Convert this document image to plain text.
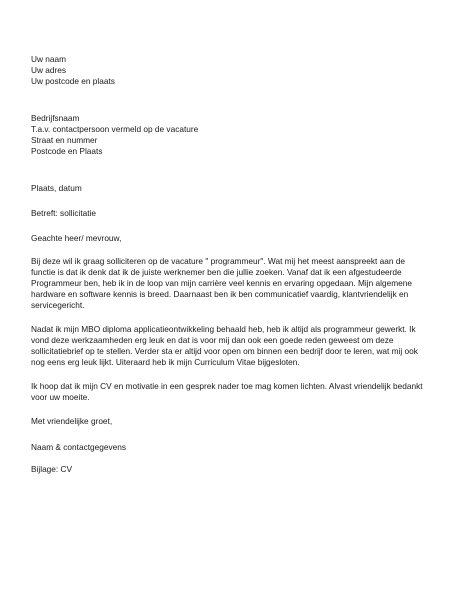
Uw naam
Uw adres
Uw postcode en plaats
Bedrijfsnaam
T.a.v. contactpersoon vermeld op de vacature
Straat en nummer
Postcode en Plaats
Plaats, datum
Betreft: sollicitatie
Geachte heer/ mevrouw,
Bij deze wil ik graag solliciteren op de vacature " programmeur". Wat mij het meest aanspreekt aan de functie is dat ik denk dat ik de juiste werknemer ben die jullie zoeken. Vanaf dat ik een afgestudeerde Programmeur ben, heb ik in de loop van mijn carrière veel kennis en ervaring opgedaan. Mijn algemene hardware en software kennis is breed. Daarnaast ben ik ben communicatief vaardig, klantvriendelijk en servicegericht.
Nadat ik mijn MBO diploma applicatieontwikkeling behaald heb, heb ik altijd als programmeur gewerkt. Ik vond deze werkzaamheden erg leuk en dat is voor mij dan ook een goede reden geweest om deze sollicitatiebrief op te stellen. Verder sta er altijd voor open om binnen een bedrijf door te leren, wat mij ook nog eens erg leuk lijkt. Uiteraard heb ik mijn Curriculum Vitae bijgesloten.
Ik hoop dat ik mijn CV en motivatie in een gesprek nader toe mag komen lichten. Alvast vriendelijk bedankt voor uw moeite.
Met vriendelijke groet,
Naam & contactgegevens
Bijlage: CV
